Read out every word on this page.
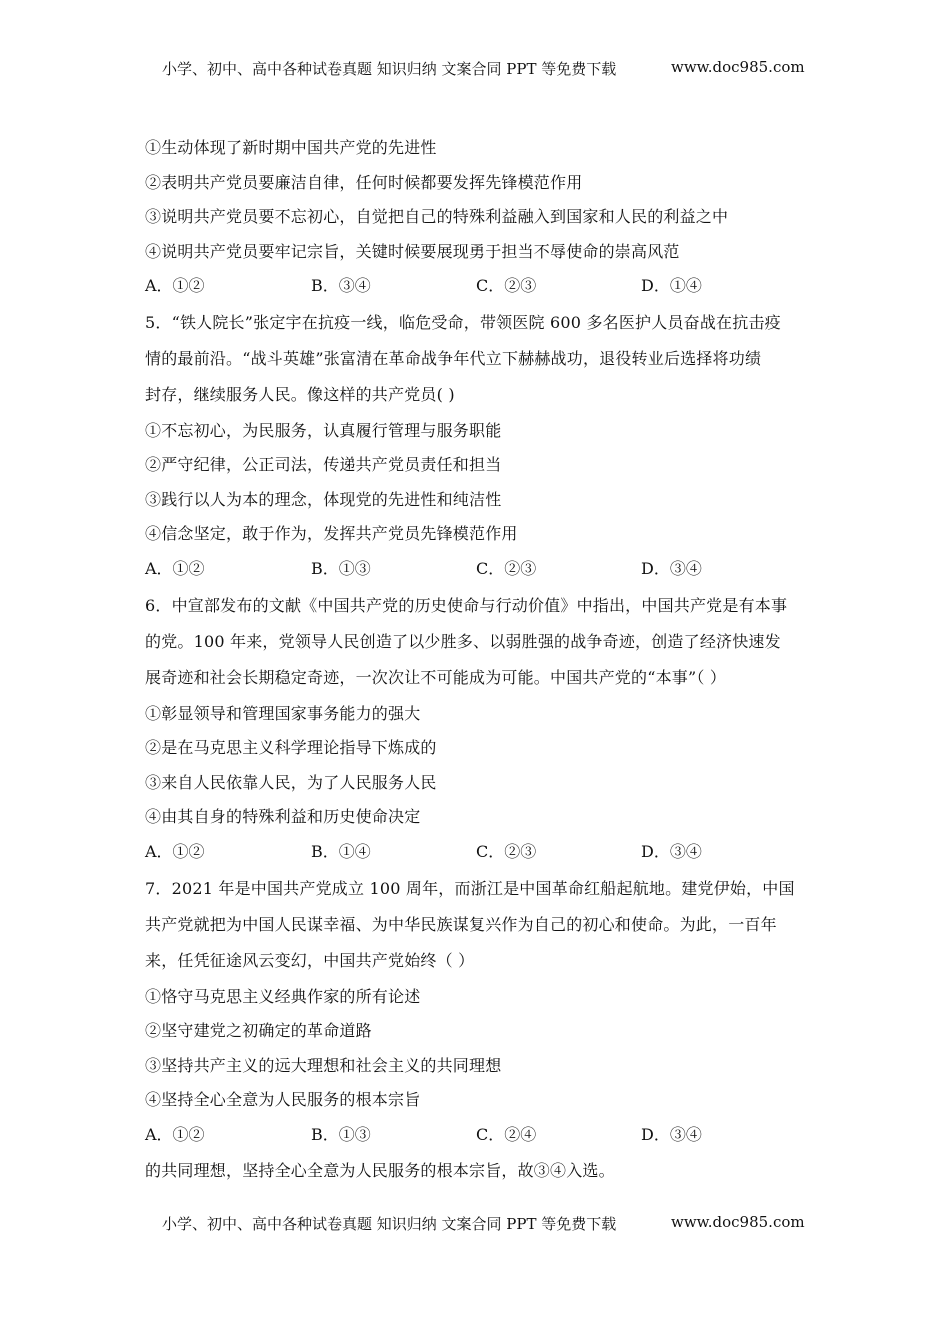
小学、初中、高中各种试卷真题 知识归纳 文案合同 PPT 等免费下载	www.doc985.com
①生动体现了新时期中国共产党的先进性
②表明共产党员要廉洁自律，任何时候都要发挥先锋模范作用
③说明共产党员要不忘初心，自觉把自己的特殊利益融入到国家和人民的利益之中
④说明共产党员要牢记宗旨，关键时候要展现勇于担当不辱使命的崇高风范
A．①②	B．③④	C．②③	D．①④
5．“铁人院长”张定宇在抗疫一线，临危受命，带领医院 600 多名医护人员奋战在抗击疫
情的最前沿。“战斗英雄”张富清在革命战争年代立下赫赫战功，退役转业后选择将功绩
封存，继续服务人民。像这样的共产党员( )
①不忘初心，为民服务，认真履行管理与服务职能
②严守纪律，公正司法，传递共产党员责任和担当
③践行以人为本的理念，体现党的先进性和纯洁性
④信念坚定，敢于作为，发挥共产党员先锋模范作用
A．①②	B．①③	C．②③	D．③④
6．中宣部发布的文献《中国共产党的历史使命与行动价值》中指出，中国共产党是有本事
的党。100 年来，党领导人民创造了以少胜多、以弱胜强的战争奇迹，创造了经济快速发
展奇迹和社会长期稳定奇迹，一次次让不可能成为可能。中国共产党的“本事”（ ）
①彰显领导和管理国家事务能力的强大
②是在马克思主义科学理论指导下炼成的
③来自人民依靠人民，为了人民服务人民
④由其自身的特殊利益和历史使命决定
A．①②	B．①④	C．②③	D．③④
7．2021 年是中国共产党成立 100 周年，而浙江是中国革命红船起航地。建党伊始，中国
共产党就把为中国人民谋幸福、为中华民族谋复兴作为自己的初心和使命。为此，一百年
来，任凭征途风云变幻，中国共产党始终（ ）
①恪守马克思主义经典作家的所有论述
②坚守建党之初确定的革命道路
③坚持共产主义的远大理想和社会主义的共同理想
④坚持全心全意为人民服务的根本宗旨
A．①②	B．①③	C．②④	D．③④
的共同理想，坚持全心全意为人民服务的根本宗旨，故③④入选。
小学、初中、高中各种试卷真题 知识归纳 文案合同 PPT 等免费下载	www.doc985.com
